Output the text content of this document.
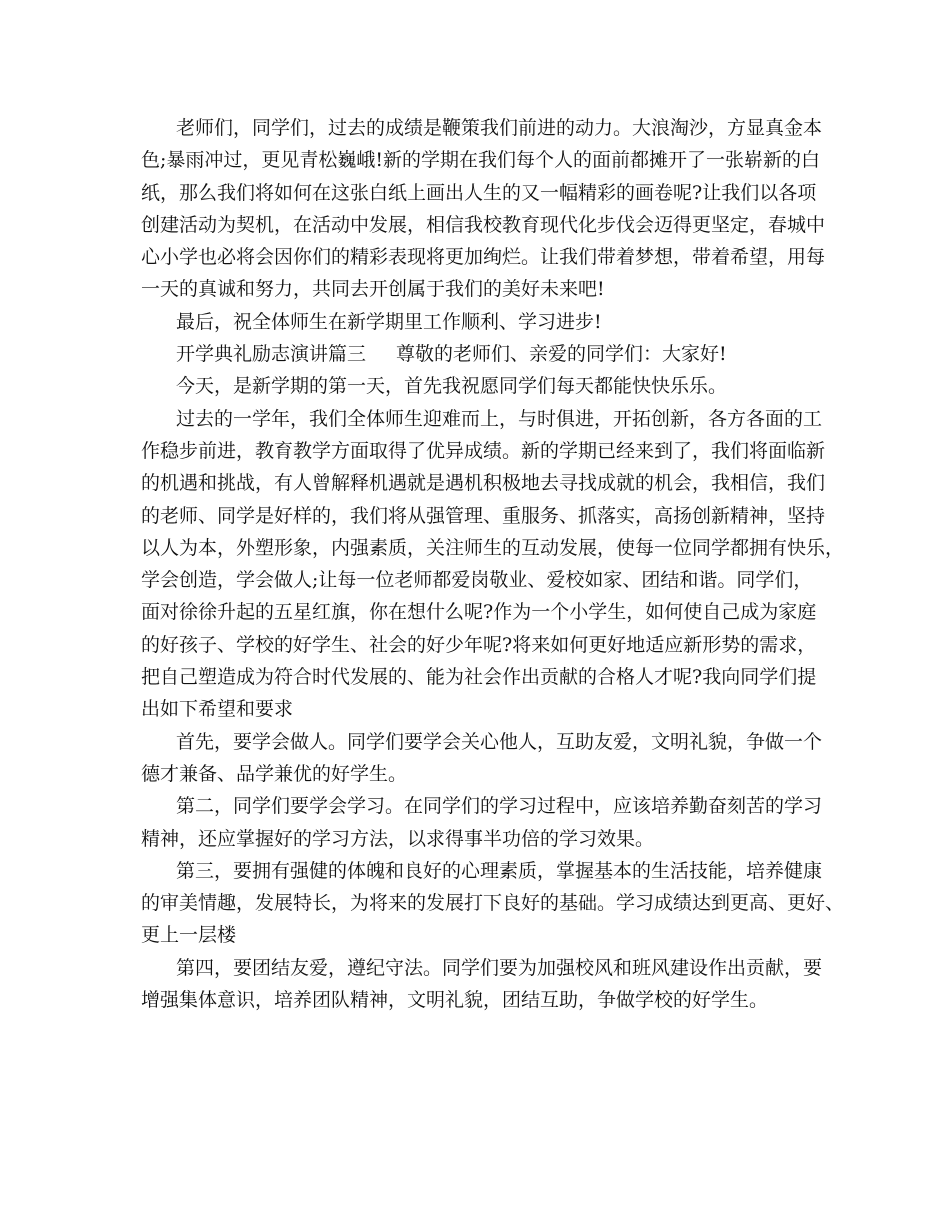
老师们，同学们，过去的成绩是鞭策我们前进的动力。大浪淘沙，方显真金本
色;暴雨冲过，更见青松巍峨!新的学期在我们每个人的面前都摊开了一张崭新的白
纸，那么我们将如何在这张白纸上画出人生的又一幅精彩的画卷呢?让我们以各项
创建活动为契机，在活动中发展，相信我校教育现代化步伐会迈得更坚定，春城中
心小学也必将会因你们的精彩表现将更加绚烂。让我们带着梦想，带着希望，用每
一天的真诚和努力，共同去开创属于我们的美好未来吧!
最后，祝全体师生在新学期里工作顺利、学习进步!
开学典礼励志演讲篇三 尊敬的老师们、亲爱的同学们：大家好!
今天，是新学期的第一天，首先我祝愿同学们每天都能快快乐乐。
过去的一学年，我们全体师生迎难而上，与时俱进，开拓创新，各方各面的工
作稳步前进，教育教学方面取得了优异成绩。新的学期已经来到了，我们将面临新
的机遇和挑战，有人曾解释机遇就是遇机积极地去寻找成就的机会，我相信，我们
的老师、同学是好样的，我们将从强管理、重服务、抓落实，高扬创新精神，坚持
以人为本，外塑形象，内强素质，关注师生的互动发展，使每一位同学都拥有快乐，
学会创造，学会做人;让每一位老师都爱岗敬业、爱校如家、团结和谐。同学们，
面对徐徐升起的五星红旗，你在想什么呢?作为一个小学生，如何使自己成为家庭
的好孩子、学校的好学生、社会的好少年呢?将来如何更好地适应新形势的需求，
把自己塑造成为符合时代发展的、能为社会作出贡献的合格人才呢?我向同学们提
出如下希望和要求
首先，要学会做人。同学们要学会关心他人，互助友爱，文明礼貌，争做一个
德才兼备、品学兼优的好学生。
第二，同学们要学会学习。在同学们的学习过程中，应该培养勤奋刻苦的学习
精神，还应掌握好的学习方法，以求得事半功倍的学习效果。
第三，要拥有强健的体魄和良好的心理素质，掌握基本的生活技能，培养健康
的审美情趣，发展特长，为将来的发展打下良好的基础。学习成绩达到更高、更好、
更上一层楼
第四，要团结友爱，遵纪守法。同学们要为加强校风和班风建设作出贡献，要
增强集体意识，培养团队精神，文明礼貌，团结互助，争做学校的好学生。
